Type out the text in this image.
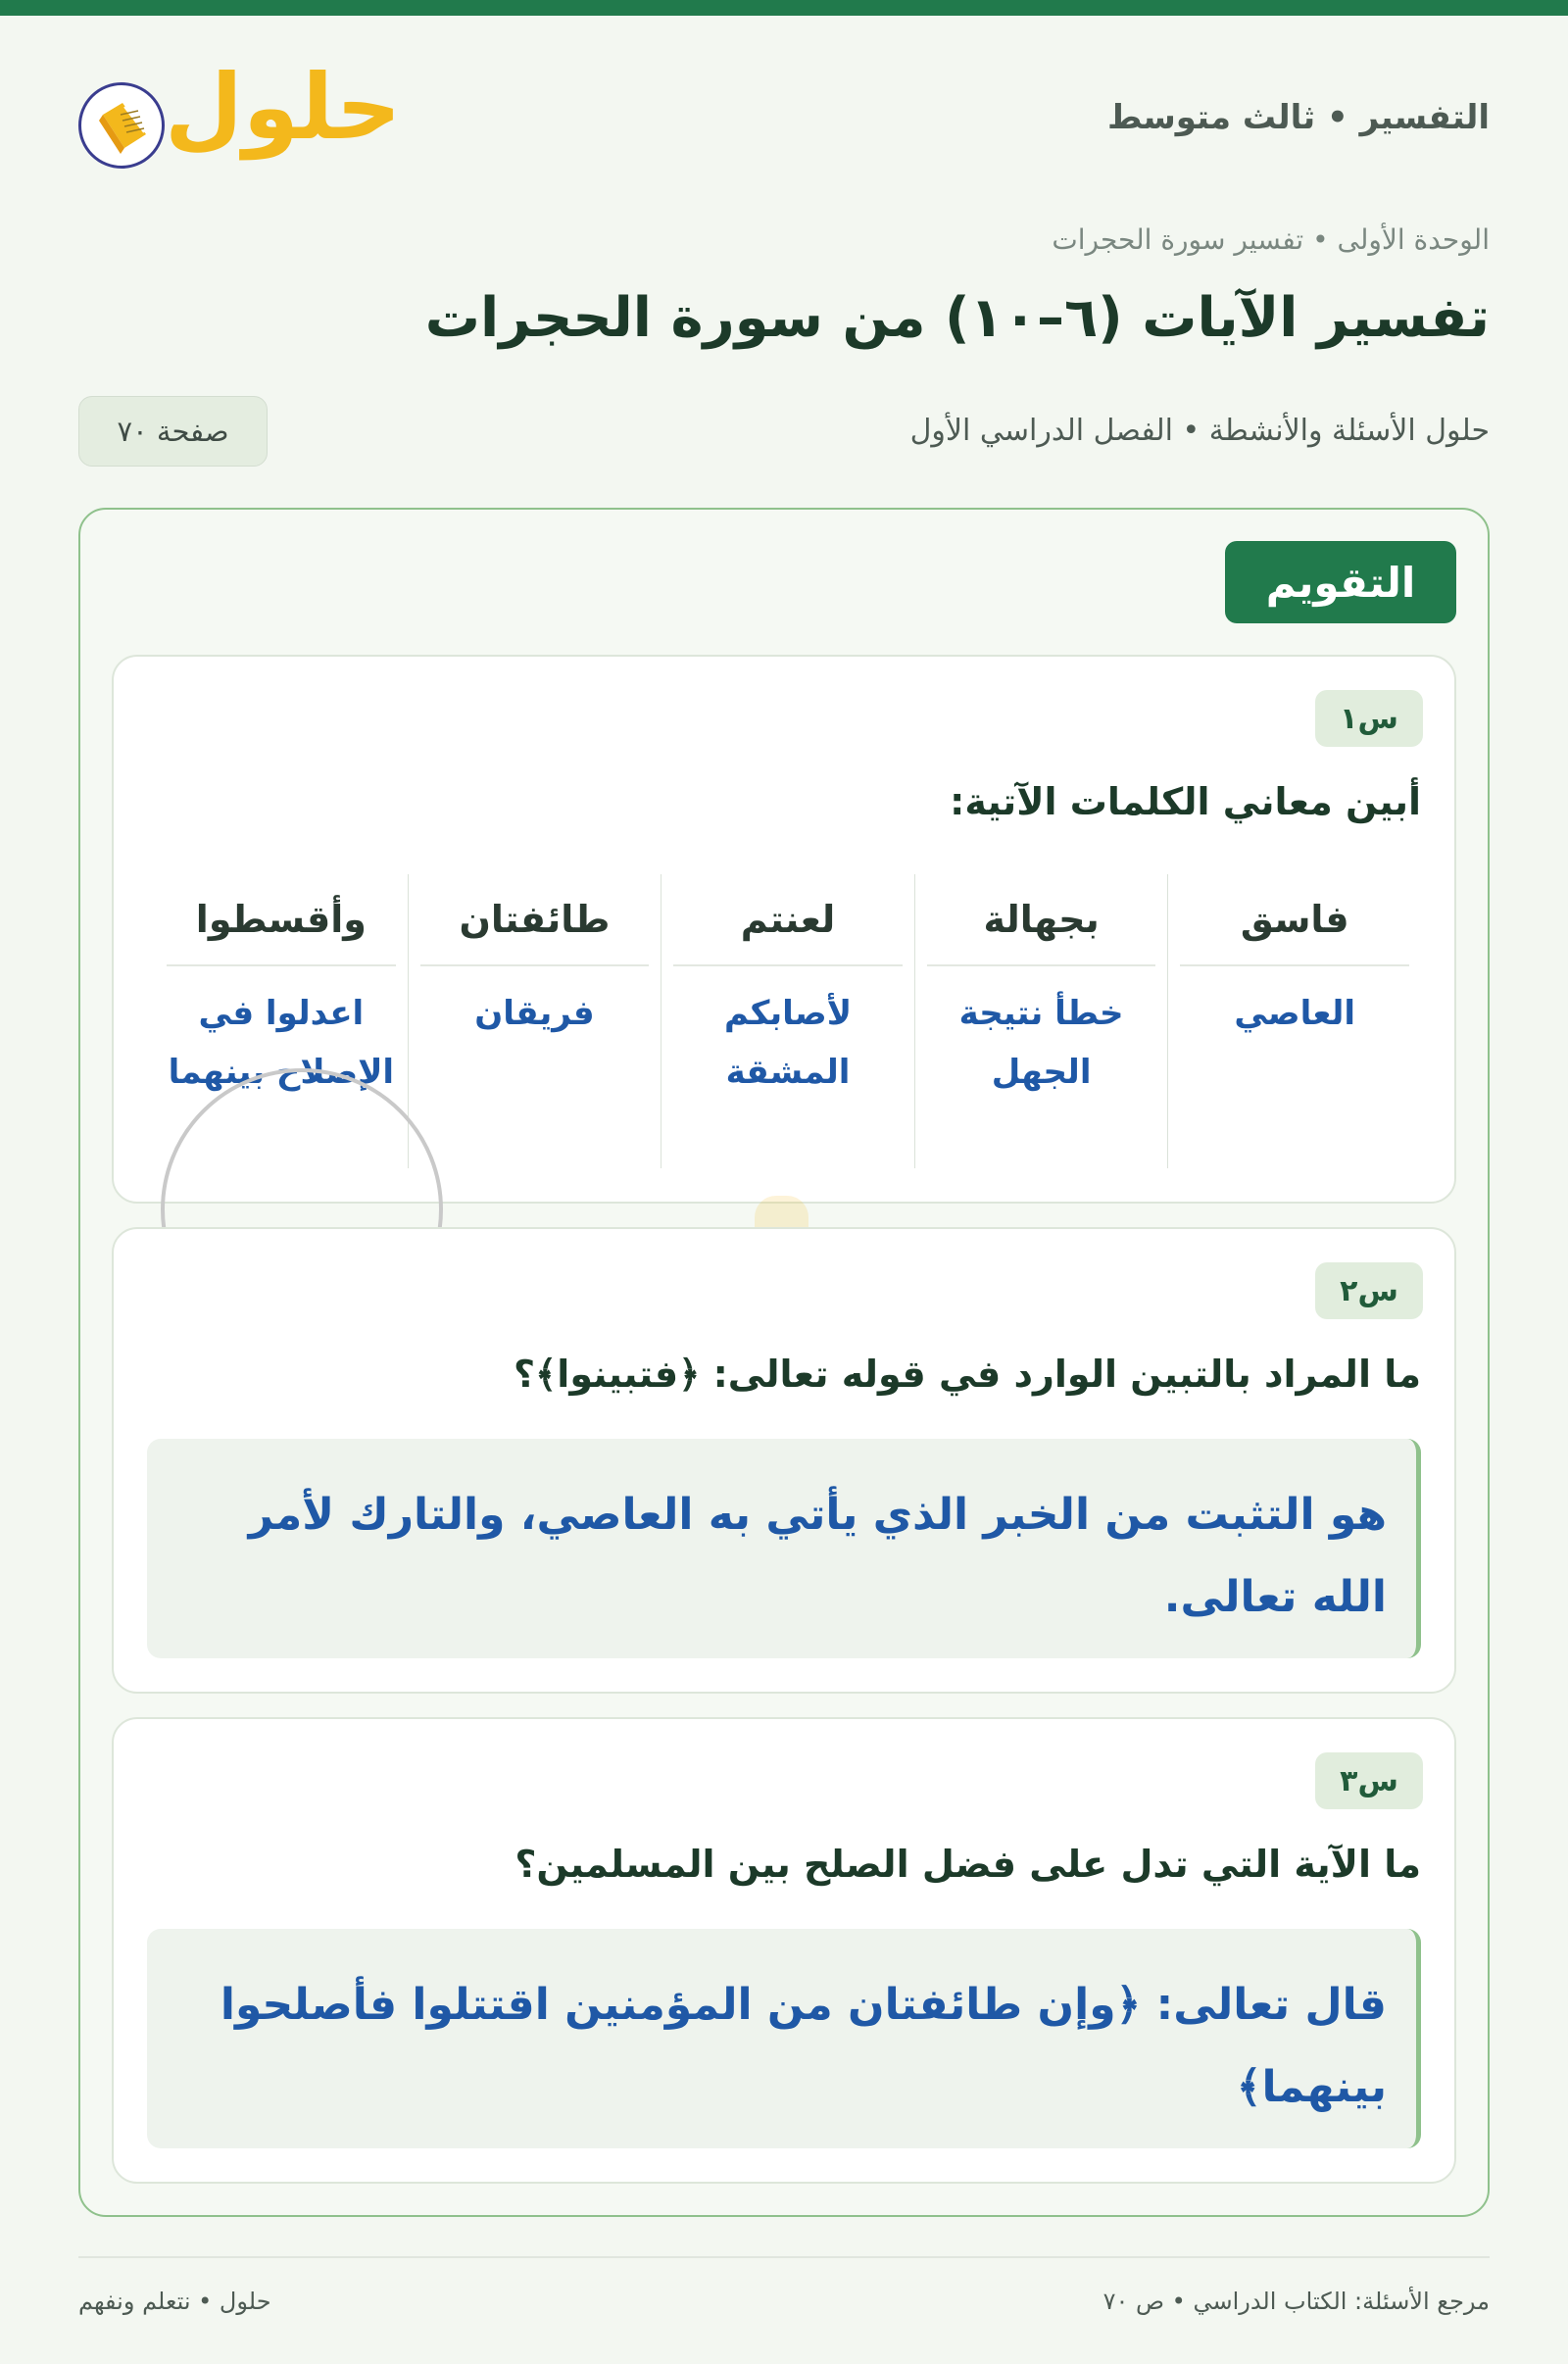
التفسير • ثالث متوسط
حلول
الوحدة الأولى • تفسير سورة الحجرات
تفسير الآيات (٦–١٠) من سورة الحجرات
حلول الأسئلة والأنشطة • الفصل الدراسي الأول
صفحة ٧٠
التقويم
س١
أبين معاني الكلمات الآتية:
فاسق
العاصي
بجهالة
خطأ نتيجة الجهل
لعنتم
لأصابكم المشقة
طائفتان
فريقان
وأقسطوا
اعدلوا في الإصلاح بينهما
س٢
ما المراد بالتبين الوارد في قوله تعالى: ﴿فتبينوا﴾؟
هو التثبت من الخبر الذي يأتي به العاصي، والتارك لأمر الله تعالى.
س٣
ما الآية التي تدل على فضل الصلح بين المسلمين؟
قال تعالى: ﴿وإن طائفتان من المؤمنين اقتتلوا فأصلحوا بينهما﴾
مرجع الأسئلة: الكتاب الدراسي • ص ٧٠
حلول • نتعلم ونفهم
